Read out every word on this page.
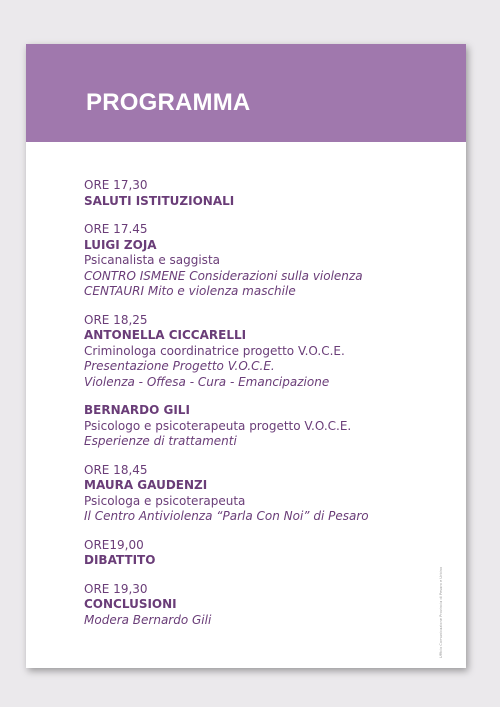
PROGRAMMA
ORE 17,30
SALUTI ISTITUZIONALI
ORE 17.45
LUIGI ZOJA
Psicanalista e saggista
CONTRO ISMENE Considerazioni sulla violenza
CENTAURI Mito e violenza maschile
ORE 18,25
ANTONELLA CICCARELLI
Criminologa coordinatrice progetto V.O.C.E.
Presentazione Progetto V.O.C.E.
Violenza - Offesa - Cura - Emancipazione
BERNARDO GILI
Psicologo e psicoterapeuta progetto V.O.C.E.
Esperienze di trattamenti
ORE 18,45
MAURA GAUDENZI
Psicologa e psicoterapeuta
Il Centro Antiviolenza “Parla Con Noi” di Pesaro
ORE19,00
DIBATTITO
ORE 19,30
CONCLUSIONI
Modera Bernardo Gili	Ufficio Comunicazione Provincia di Pesaro e Urbino
